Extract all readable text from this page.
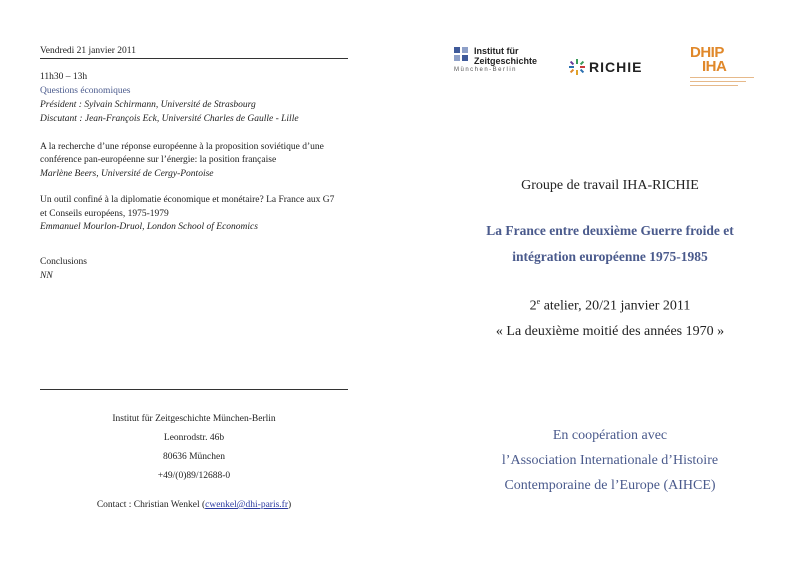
Vendredi 21 janvier 2011
11h30 – 13h
Questions économiques
Président : Sylvain Schirmann, Université de Strasbourg
Discutant : Jean-François Eck, Université Charles de Gaulle - Lille
A la recherche d’une réponse européenne à la proposition soviétique d’une
conférence pan-européenne sur l’énergie: la position française
Marlène Beers, Université de Cergy-Pontoise
Un outil confiné à la diplomatie économique et monétaire? La France aux G7
et Conseils européens, 1975-1979
Emmanuel Mourlon-Druol, London School of Economics
Conclusions
NN
Institut für Zeitgeschichte München-Berlin
Leonrodstr. 46b
80636 München
+49/(0)89/12688-0
Contact : Christian Wenkel (cwenkel@dhi-paris.fr)
Institut für
Zeitgeschichte
München-Berlin	RICHIE
DHIP
IHA
Groupe de travail IHA-RICHIE
La France entre deuxième Guerre froide et
intégration européenne 1975-1985
2e atelier, 20/21 janvier 2011
« La deuxième moitié des années 1970 »
En coopération avec
l’Association Internationale d’Histoire
Contemporaine de l’Europe (AIHCE)
